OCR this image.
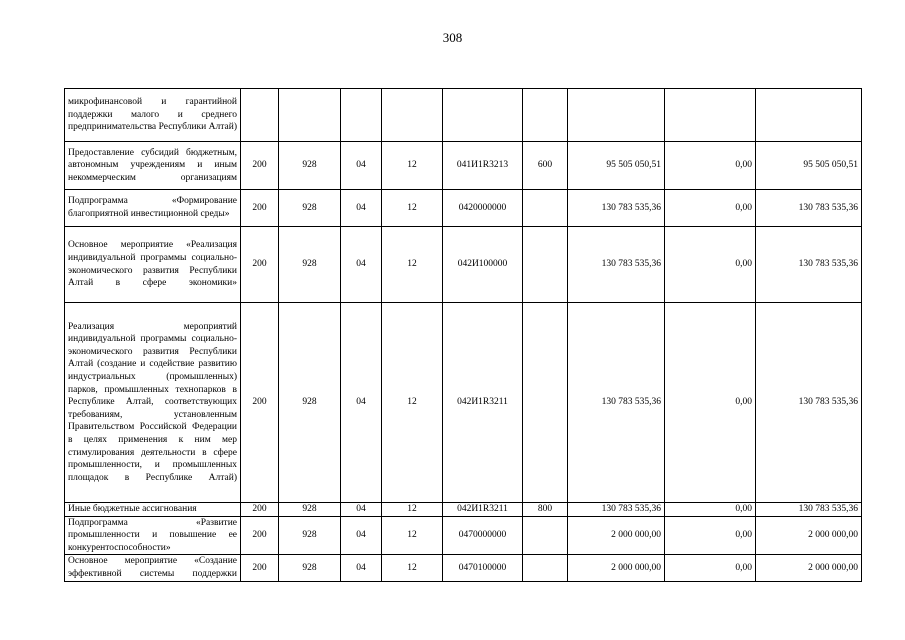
308
микрофинансовой и гарантийной поддержки малого и среднего предпринимательства Республики Алтай)									
Предоставление субсидий бюджетным, автономным учреждениям и иным некоммерческим организациям	200	928	04	12	041И1R3213	600	95 505 050,51	0,00	95 505 050,51
Подпрограмма «Формирование благоприятной инвестиционной среды»	200	928	04	12	0420000000		130 783 535,36	0,00	130 783 535,36
Основное мероприятие «Реализация индивидуальной программы социально-экономического развития Республики Алтай в сфере экономики»	200	928	04	12	042И100000		130 783 535,36	0,00	130 783 535,36
Реализация мероприятий индивидуальной программы социально-экономического развития Республики Алтай (создание и содействие развитию индустриальных (промышленных) парков, промышленных технопарков в Республике Алтай, соответствующих требованиям, установленным Правительством Российской Федерации в целях применения к ним мер стимулирования деятельности в сфере промышленности, и промышленных площадок в Республике Алтай)	200	928	04	12	042И1R3211		130 783 535,36	0,00	130 783 535,36
Иные бюджетные ассигнования	200	928	04	12	042И1R3211	800	130 783 535,36	0,00	130 783 535,36
Подпрограмма «Развитие промышленности и повышение ее конкурентоспособности»	200	928	04	12	0470000000		2 000 000,00	0,00	2 000 000,00
Основное мероприятие «Создание эффективной системы поддержки	200	928	04	12	0470100000		2 000 000,00	0,00	2 000 000,00
